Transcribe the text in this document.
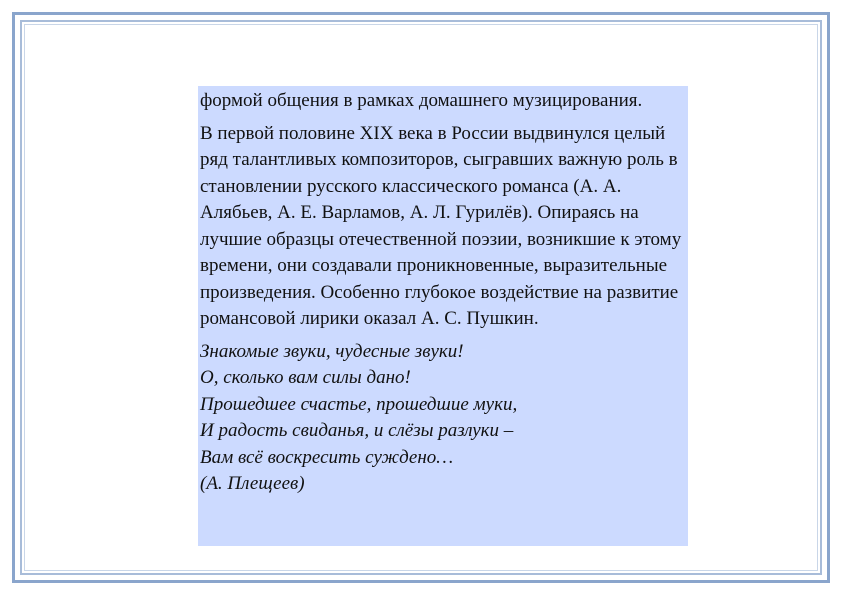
формой общения в рамках домашнего музицирования.

В первой половине XIX века в России выдвинулся целый ряд талантливых композиторов, сыгравших важную роль в становлении русского классического романса (А. А. Алябьев, А. Е. Варламов, А. Л. Гурилёв). Опираясь на лучшие образцы отечественной поэзии, возникшие к этому времени, они создавали проникновенные, выразительные произведения. Особенно глубокое воздействие на развитие романсовой лирики оказал А. С. Пушкин.

Знакомые звуки, чудесные звуки!
О, сколько вам силы дано!
Прошедшее счастье, прошедшие муки,
И радость свиданья, и слёзы разлуки –
Вам всё воскресить суждено…
(А. Плещеев)
